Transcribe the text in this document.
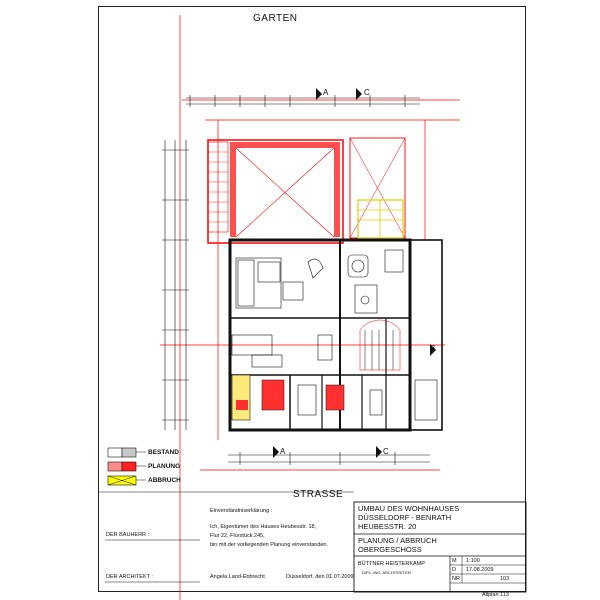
GARTEN
STRASSE
A	C
A	C
B
BESTAND
PLANUNG
ABBRUCH
Einverständniserklärung :
Ich, Eigentümer des Hauses Heubesstr. 18,
Flur 22, Flurstück 245,
bin mit der vorliegenden Planung einverstanden.
DER BAUHERR :
DER ARCHITEKT :	Angela Land-Ebbrecht	Düsseldorf, den 01.07.2009
UMBAU DES WOHNHAUSES
DÜSSELDORF - BENRATH
HEUBESSTR. 20
PLANUNG / ABBRUCH
OBERGESCHOSS
M 1:100
D 17.08.2009
NR	103
BÜTTNER HEISTERKAMP
DIPL.-ING. ARCHITEKTEN
Allplan 113
